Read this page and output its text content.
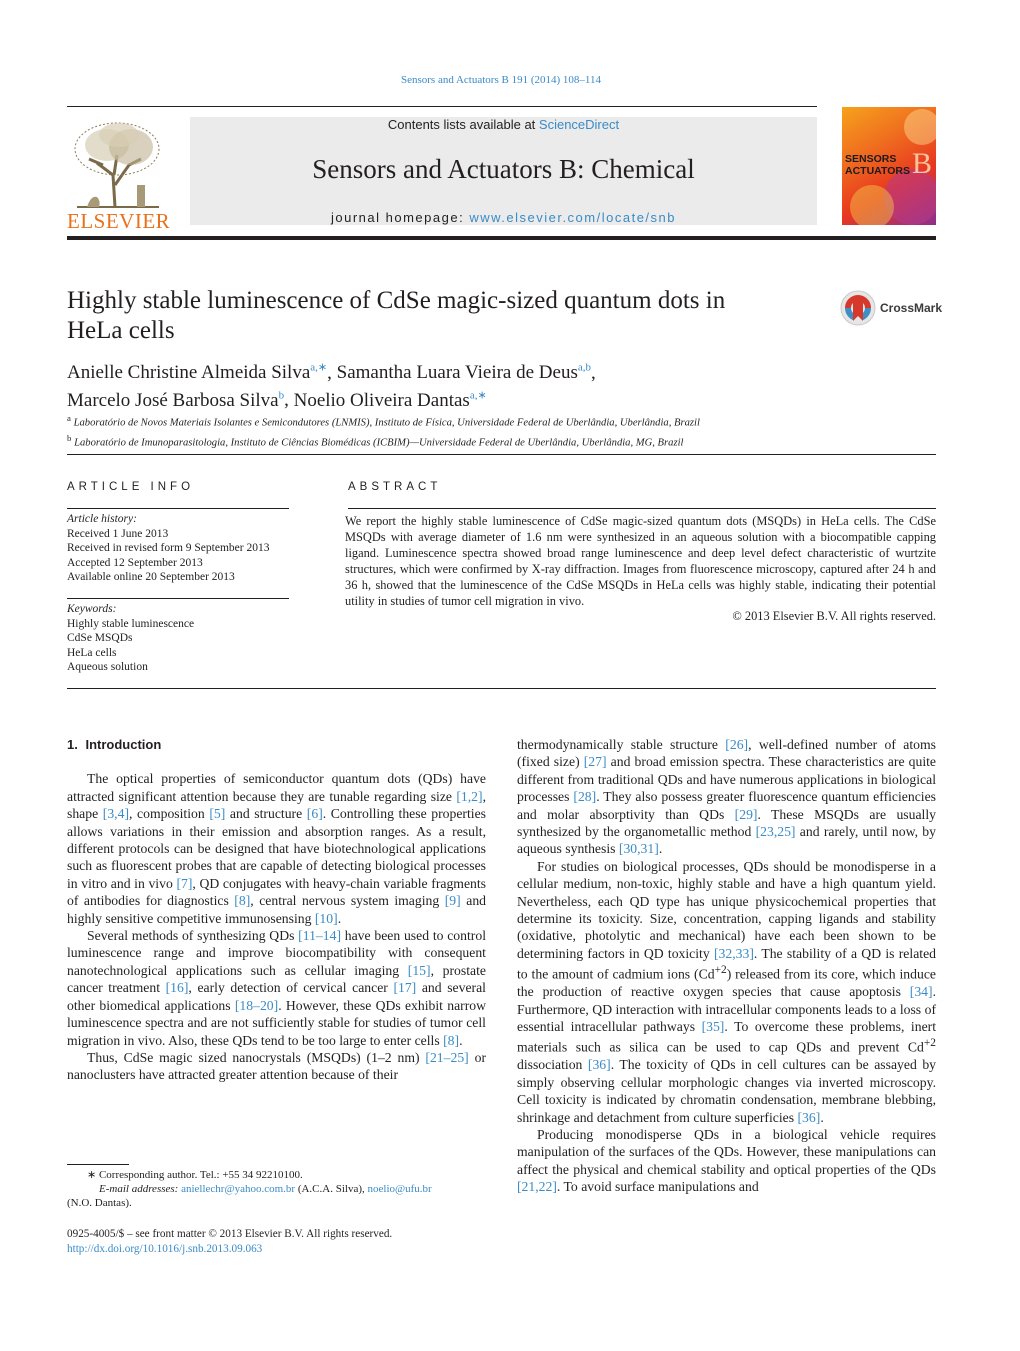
Sensors and Actuators B 191 (2014) 108–114
ELSEVIER
Contents lists available at ScienceDirect
Sensors and Actuators B: Chemical
journal homepage: www.elsevier.com/locate/snb
B
SENSORS
ACTUATORS
Highly stable luminescence of CdSe magic-sized quantum dots in HeLa cells
CrossMark
Anielle Christine Almeida Silva$^{a,∗}$, Samantha Luara Vieira de Deus$^{a,b}$,
Marcelo José Barbosa Silva$^b$, Noelio Oliveira Dantas$^{a,∗}$
$^a$ Laboratório de Novos Materiais Isolantes e Semicondutores (LNMIS), Instituto de Física, Universidade Federal de Uberlândia, Uberlândia, Brazil
$^b$ Laboratório de Imunoparasitologia, Instituto de Ciências Biomédicas (ICBIM)—Universidade Federal de Uberlândia, Uberlândia, MG, Brazil
ARTICLE INFO
Article history:
Received 1 June 2013
Received in revised form 9 September 2013
Accepted 12 September 2013
Available online 20 September 2013
Keywords:
Highly stable luminescence
CdSe MSQDs
HeLa cells
Aqueous solution
ABSTRACT
We report the highly stable luminescence of CdSe magic-sized quantum dots (MSQDs) in HeLa cells. The CdSe MSQDs with average diameter of 1.6 nm were synthesized in an aqueous solution with a biocompatible capping ligand. Luminescence spectra showed broad range luminescence and deep level defect characteristic of wurtzite structures, which were confirmed by X-ray diffraction. Images from fluorescence microscopy, captured after 24 h and 36 h, showed that the luminescence of the CdSe MSQDs in HeLa cells was highly stable, indicating their potential utility in studies of tumor cell migration in vivo.
© 2013 Elsevier B.V. All rights reserved.
1. Introduction

The optical properties of semiconductor quantum dots (QDs) have attracted significant attention because they are tunable regarding size [1,2], shape [3,4], composition [5] and structure [6]. Controlling these properties allows variations in their emission and absorption ranges. As a result, different protocols can be designed that have biotechnological applications such as fluorescent probes that are capable of detecting biological processes in vitro and in vivo [7], QD conjugates with heavy-chain variable fragments of antibodies for diagnostics [8], central nervous system imaging [9] and highly sensitive competitive immunosensing [10].

Several methods of synthesizing QDs [11–14] have been used to control luminescence range and improve biocompatibility with consequent nanotechnological applications such as cellular imaging [15], prostate cancer treatment [16], early detection of cervical cancer [17] and several other biomedical applications [18–20]. However, these QDs exhibit narrow luminescence spectra and are not sufficiently stable for studies of tumor cell migration in vivo. Also, these QDs tend to be too large to enter cells [8].

Thus, CdSe magic sized nanocrystals (MSQDs) (1–2 nm) [21–25] or nanoclusters have attracted greater attention because of their

thermodynamically stable structure [26], well-defined number of atoms (fixed size) [27] and broad emission spectra. These characteristics are quite different from traditional QDs and have numerous applications in biological processes [28]. They also possess greater fluorescence quantum efficiencies and molar absorptivity than QDs [29]. These MSQDs are usually synthesized by the organometallic method [23,25] and rarely, until now, by aqueous synthesis [30,31].

For studies on biological processes, QDs should be monodisperse in a cellular medium, non-toxic, highly stable and have a high quantum yield. Nevertheless, each QD type has unique physicochemical properties that determine its toxicity. Size, concentration, capping ligands and stability (oxidative, photolytic and mechanical) have each been shown to be determining factors in QD toxicity [32,33]. The stability of a QD is related to the amount of cadmium ions $(Cd^{+2})$ released from its core, which induce the production of reactive oxygen species that cause apoptosis [34]. Furthermore, QD interaction with intracellular components leads to a loss of essential intracellular pathways [35]. To overcome these problems, inert materials such as silica can be used to cap QDs and prevent $Cd^{+2}$ dissociation [36]. The toxicity of QDs in cell cultures can be assayed by simply observing cellular morphologic changes via inverted microscopy. Cell toxicity is indicated by chromatin condensation, membrane blebbing, shrinkage and detachment from culture superficies [36].

Producing monodisperse QDs in a biological vehicle requires manipulation of the surfaces of the QDs. However, these manipulations can affect the physical and chemical stability and optical properties of the QDs [21,22]. To avoid surface manipulations and

∗ Corresponding author. Tel.: +55 34 92210100.
E-mail addresses: aniellechr@yahoo.com.br (A.C.A. Silva), noelio@ufu.br
(N.O. Dantas).
0925-4005/$ – see front matter © 2013 Elsevier B.V. All rights reserved.
http://dx.doi.org/10.1016/j.snb.2013.09.063
